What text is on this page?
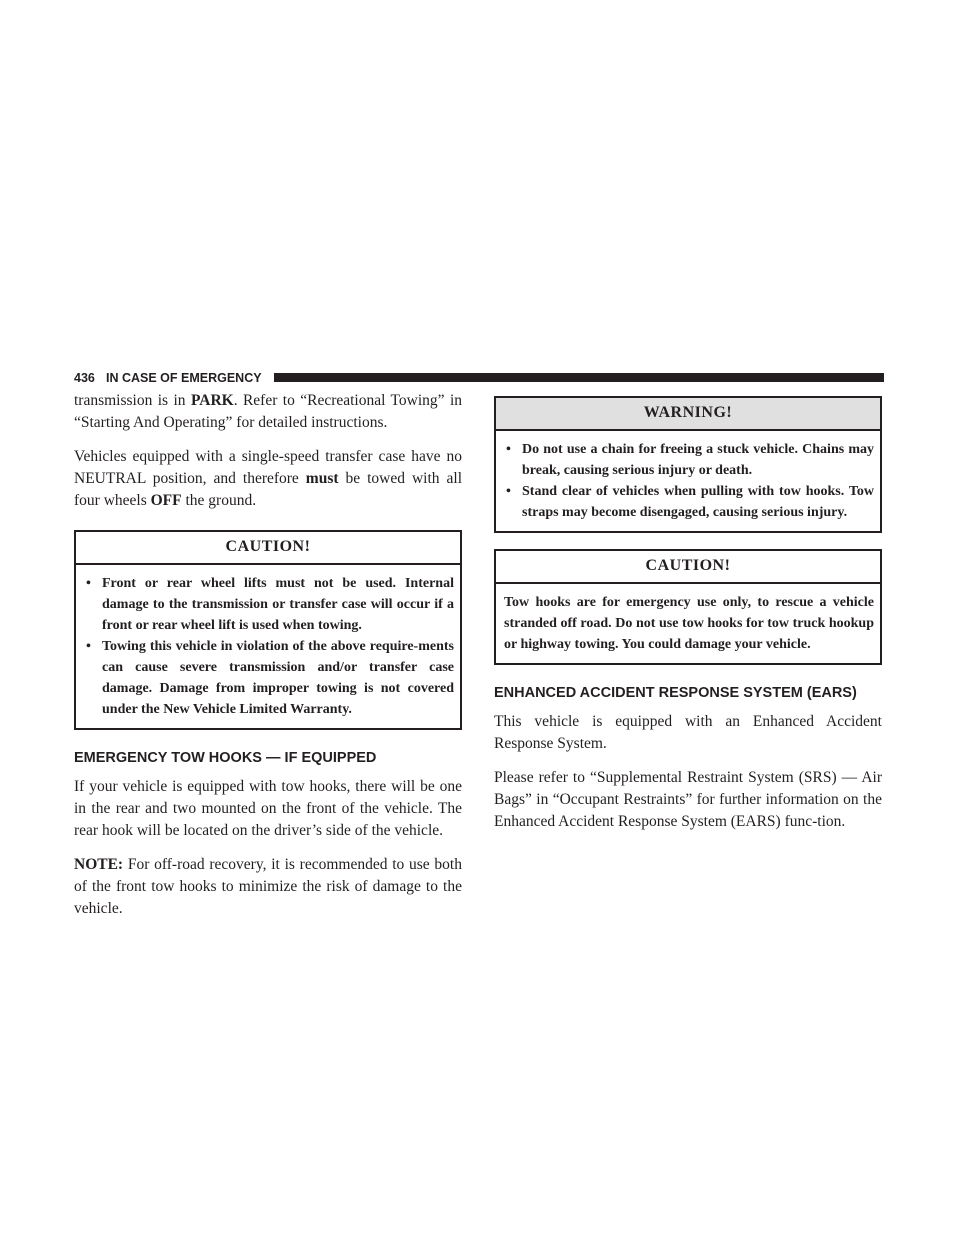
436 IN CASE OF EMERGENCY

transmission is in PARK. Refer to “Recreational Towing” in “Starting And Operating” for detailed instructions.

Vehicles equipped with a single-speed transfer case have no NEUTRAL position, and therefore must be towed with all four wheels OFF the ground.

CAUTION!
• Front or rear wheel lifts must not be used. Internal damage to the transmission or transfer case will occur if a front or rear wheel lift is used when towing.
• Towing this vehicle in violation of the above require-ments can cause severe transmission and/or transfer case damage. Damage from improper towing is not covered under the New Vehicle Limited Warranty.
EMERGENCY TOW HOOKS — IF EQUIPPED

If your vehicle is equipped with tow hooks, there will be one in the rear and two mounted on the front of the vehicle. The rear hook will be located on the driver’s side of the vehicle.

NOTE: For off-road recovery, it is recommended to use both of the front tow hooks to minimize the risk of damage to the vehicle.

WARNING!
• Do not use a chain for freeing a stuck vehicle. Chains may break, causing serious injury or death.
• Stand clear of vehicles when pulling with tow hooks. Tow straps may become disengaged, causing serious injury.
CAUTION!

Tow hooks are for emergency use only, to rescue a vehicle stranded off road. Do not use tow hooks for tow truck hookup or highway towing. You could damage your vehicle.

ENHANCED ACCIDENT RESPONSE SYSTEM (EARS)

This vehicle is equipped with an Enhanced Accident Response System.

Please refer to “Supplemental Restraint System (SRS) — Air Bags” in “Occupant Restraints” for further information on the Enhanced Accident Response System (EARS) func-tion.
